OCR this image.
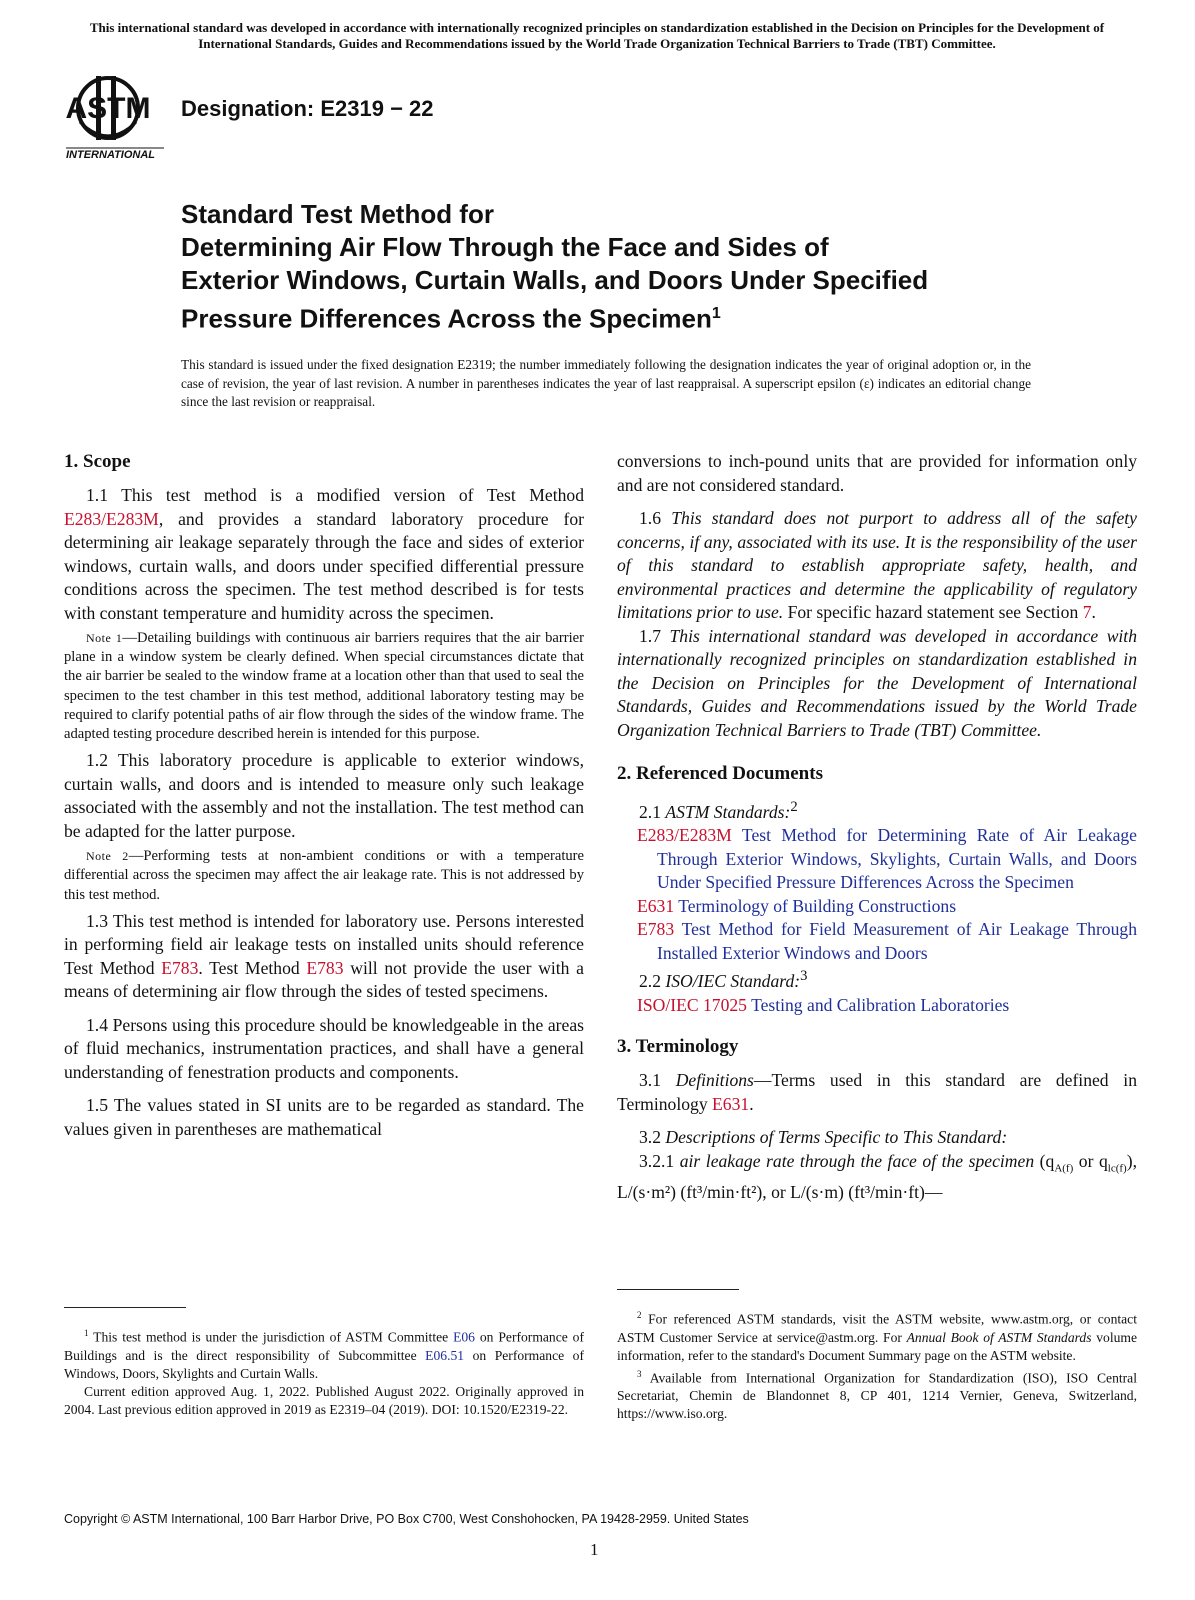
This international standard was developed in accordance with internationally recognized principles on standardization established in the Decision on Principles for the Development of International Standards, Guides and Recommendations issued by the World Trade Organization Technical Barriers to Trade (TBT) Committee.
ASTM
INTERNATIONAL
Designation: E2319 − 22
Standard Test Method for
Determining Air Flow Through the Face and Sides of
Exterior Windows, Curtain Walls, and Doors Under Specified
Pressure Differences Across the Specimen$^1$
This standard is issued under the fixed designation E2319; the number immediately following the designation indicates the year of original adoption or, in the case of revision, the year of last revision. A number in parentheses indicates the year of last reappraisal. A superscript epsilon (ε) indicates an editorial change since the last revision or reappraisal.
1. Scope

1.1 This test method is a modified version of Test Method E283/E283M, and provides a standard laboratory procedure for determining air leakage separately through the face and sides of exterior windows, curtain walls, and doors under specified differential pressure conditions across the specimen. The test method described is for tests with constant temperature and humidity across the specimen.

Note 1—Detailing buildings with continuous air barriers requires that the air barrier plane in a window system be clearly defined. When special circumstances dictate that the air barrier be sealed to the window frame at a location other than that used to seal the specimen to the test chamber in this test method, additional laboratory testing may be required to clarify potential paths of air flow through the sides of the window frame. The adapted testing procedure described herein is intended for this purpose.

1.2 This laboratory procedure is applicable to exterior windows, curtain walls, and doors and is intended to measure only such leakage associated with the assembly and not the installation. The test method can be adapted for the latter purpose.

Note 2—Performing tests at non-ambient conditions or with a temperature differential across the specimen may affect the air leakage rate. This is not addressed by this test method.

1.3 This test method is intended for laboratory use. Persons interested in performing field air leakage tests on installed units should reference Test Method E783. Test Method E783 will not provide the user with a means of determining air flow through the sides of tested specimens.

1.4 Persons using this procedure should be knowledgeable in the areas of fluid mechanics, instrumentation practices, and shall have a general understanding of fenestration products and components.

1.5 The values stated in SI units are to be regarded as standard. The values given in parentheses are mathematical

conversions to inch-pound units that are provided for information only and are not considered standard.

1.6 This standard does not purport to address all of the safety concerns, if any, associated with its use. It is the responsibility of the user of this standard to establish appropriate safety, health, and environmental practices and determine the applicability of regulatory limitations prior to use. For specific hazard statement see Section 7.

1.7 This international standard was developed in accordance with internationally recognized principles on standardization established in the Decision on Principles for the Development of International Standards, Guides and Recommendations issued by the World Trade Organization Technical Barriers to Trade (TBT) Committee.

2. Referenced Documents

2.1 ASTM Standards:$^2$

E283/E283M Test Method for Determining Rate of Air Leakage Through Exterior Windows, Skylights, Curtain Walls, and Doors Under Specified Pressure Differences Across the Specimen

E631 Terminology of Building Constructions

E783 Test Method for Field Measurement of Air Leakage Through Installed Exterior Windows and Doors

2.2 ISO/IEC Standard:$^3$

ISO/IEC 17025 Testing and Calibration Laboratories

3. Terminology

3.1 Definitions—Terms used in this standard are defined in Terminology E631.

3.2 Descriptions of Terms Specific to This Standard:

3.2.1 air leakage rate through the face of the specimen ($q_{A(f)}$ or $q_{lc(f)}$), L/(s·m²) (ft³/min·ft²), or L/(s·m) (ft³/min·ft)—

$^1$ This test method is under the jurisdiction of ASTM Committee E06 on Performance of Buildings and is the direct responsibility of Subcommittee E06.51 on Performance of Windows, Doors, Skylights and Curtain Walls.

Current edition approved Aug. 1, 2022. Published August 2022. Originally approved in 2004. Last previous edition approved in 2019 as E2319–04 (2019). DOI: 10.1520/E2319-22.

$^2$ For referenced ASTM standards, visit the ASTM website, www.astm.org, or contact ASTM Customer Service at service@astm.org. For Annual Book of ASTM Standards volume information, refer to the standard's Document Summary page on the ASTM website.

$^3$ Available from International Organization for Standardization (ISO), ISO Central Secretariat, Chemin de Blandonnet 8, CP 401, 1214 Vernier, Geneva, Switzerland, https://www.iso.org.

Copyright © ASTM International, 100 Barr Harbor Drive, PO Box C700, West Conshohocken, PA 19428-2959. United States
1
